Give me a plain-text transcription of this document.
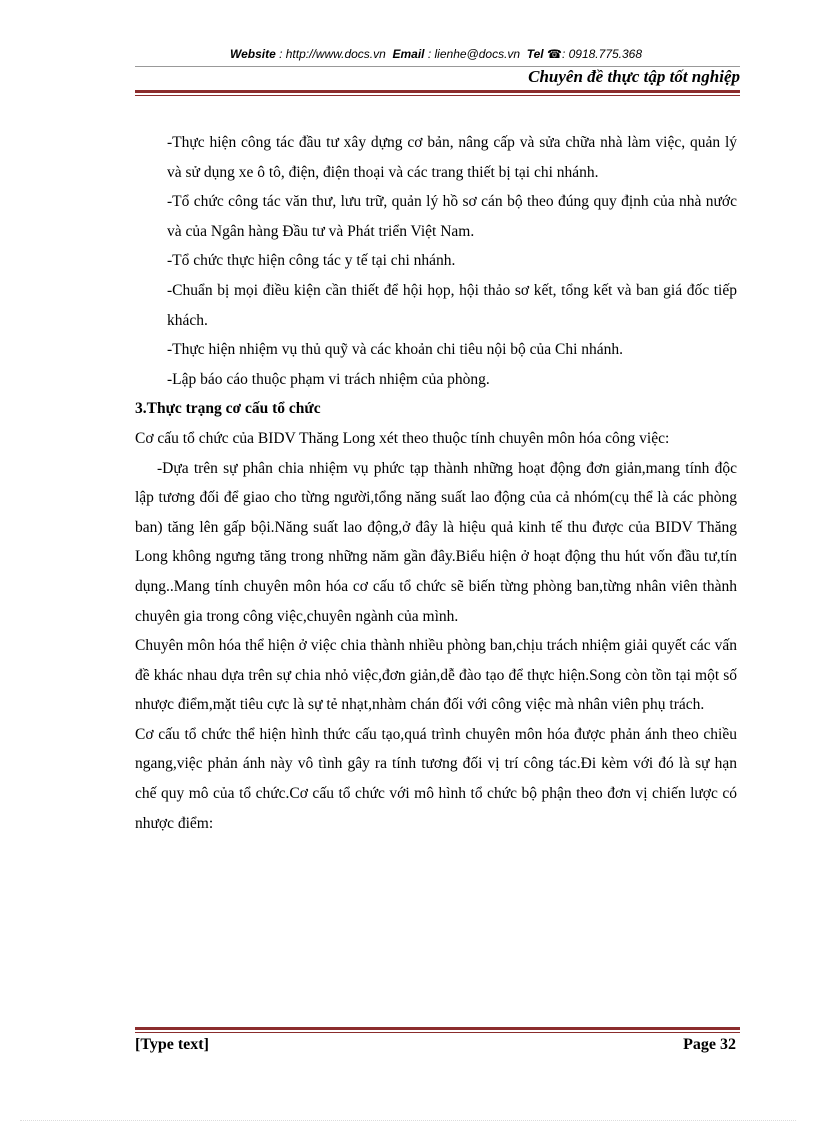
Website : http://www.docs.vn Email : lienhe@docs.vn Tel ☎: 0918.775.368
Chuyên đề thực tập tốt nghiệp

-Thực hiện công tác đầu tư xây dựng cơ bản, nâng cấp và sửa chữa nhà làm việc, quản lý và sử dụng xe ô tô, điện, điện thoại và các trang thiết bị tại chi nhánh.

-Tổ chức công tác văn thư, lưu trữ, quản lý hồ sơ cán bộ theo đúng quy định của nhà nước và của Ngân hàng Đầu tư và Phát triển Việt Nam.

-Tổ chức thực hiện công tác y tế tại chi nhánh.

-Chuẩn bị mọi điều kiện cần thiết để hội họp, hội thảo sơ kết, tổng kết và ban giá đốc tiếp khách.

-Thực hiện nhiệm vụ thủ quỹ và các khoản chi tiêu nội bộ của Chi nhánh.

-Lập báo cáo thuộc phạm vi trách nhiệm của phòng.

3.Thực trạng cơ cấu tổ chức

Cơ cấu tổ chức của BIDV Thăng Long xét theo thuộc tính chuyên môn hóa công việc:

-Dựa trên sự phân chia nhiệm vụ phức tạp thành những hoạt động đơn giản,mang tính độc lập tương đối để giao cho từng người,tổng năng suất lao động của cả nhóm(cụ thể là các phòng ban) tăng lên gấp bội.Năng suất lao động,ở đây là hiệu quả kinh tế thu được của BIDV Thăng Long không ngưng tăng trong những năm gần đây.Biểu hiện ở hoạt động thu hút vốn đầu tư,tín dụng..Mang tính chuyên môn hóa cơ cấu tổ chức sẽ biến từng phòng ban,từng nhân viên thành chuyên gia trong công việc,chuyên ngành của mình.

Chuyên môn hóa thể hiện ở việc chia thành nhiều phòng ban,chịu trách nhiệm giải quyết các vấn đề khác nhau dựa trên sự chia nhỏ việc,đơn giản,dễ đào tạo để thực hiện.Song còn tồn tại một số nhược điểm,mặt tiêu cực là sự tẻ nhạt,nhàm chán đối với công việc mà nhân viên phụ trách.

Cơ cấu tổ chức thể hiện hình thức cấu tạo,quá trình chuyên môn hóa được phản ánh theo chiều ngang,việc phản ánh này vô tình gây ra tính tương đối vị trí công tác.Đi kèm với đó là sự hạn chế quy mô của tổ chức.Cơ cấu tổ chức với mô hình tổ chức bộ phận theo đơn vị chiến lược có nhược điểm:

[Type text]	Page 32
